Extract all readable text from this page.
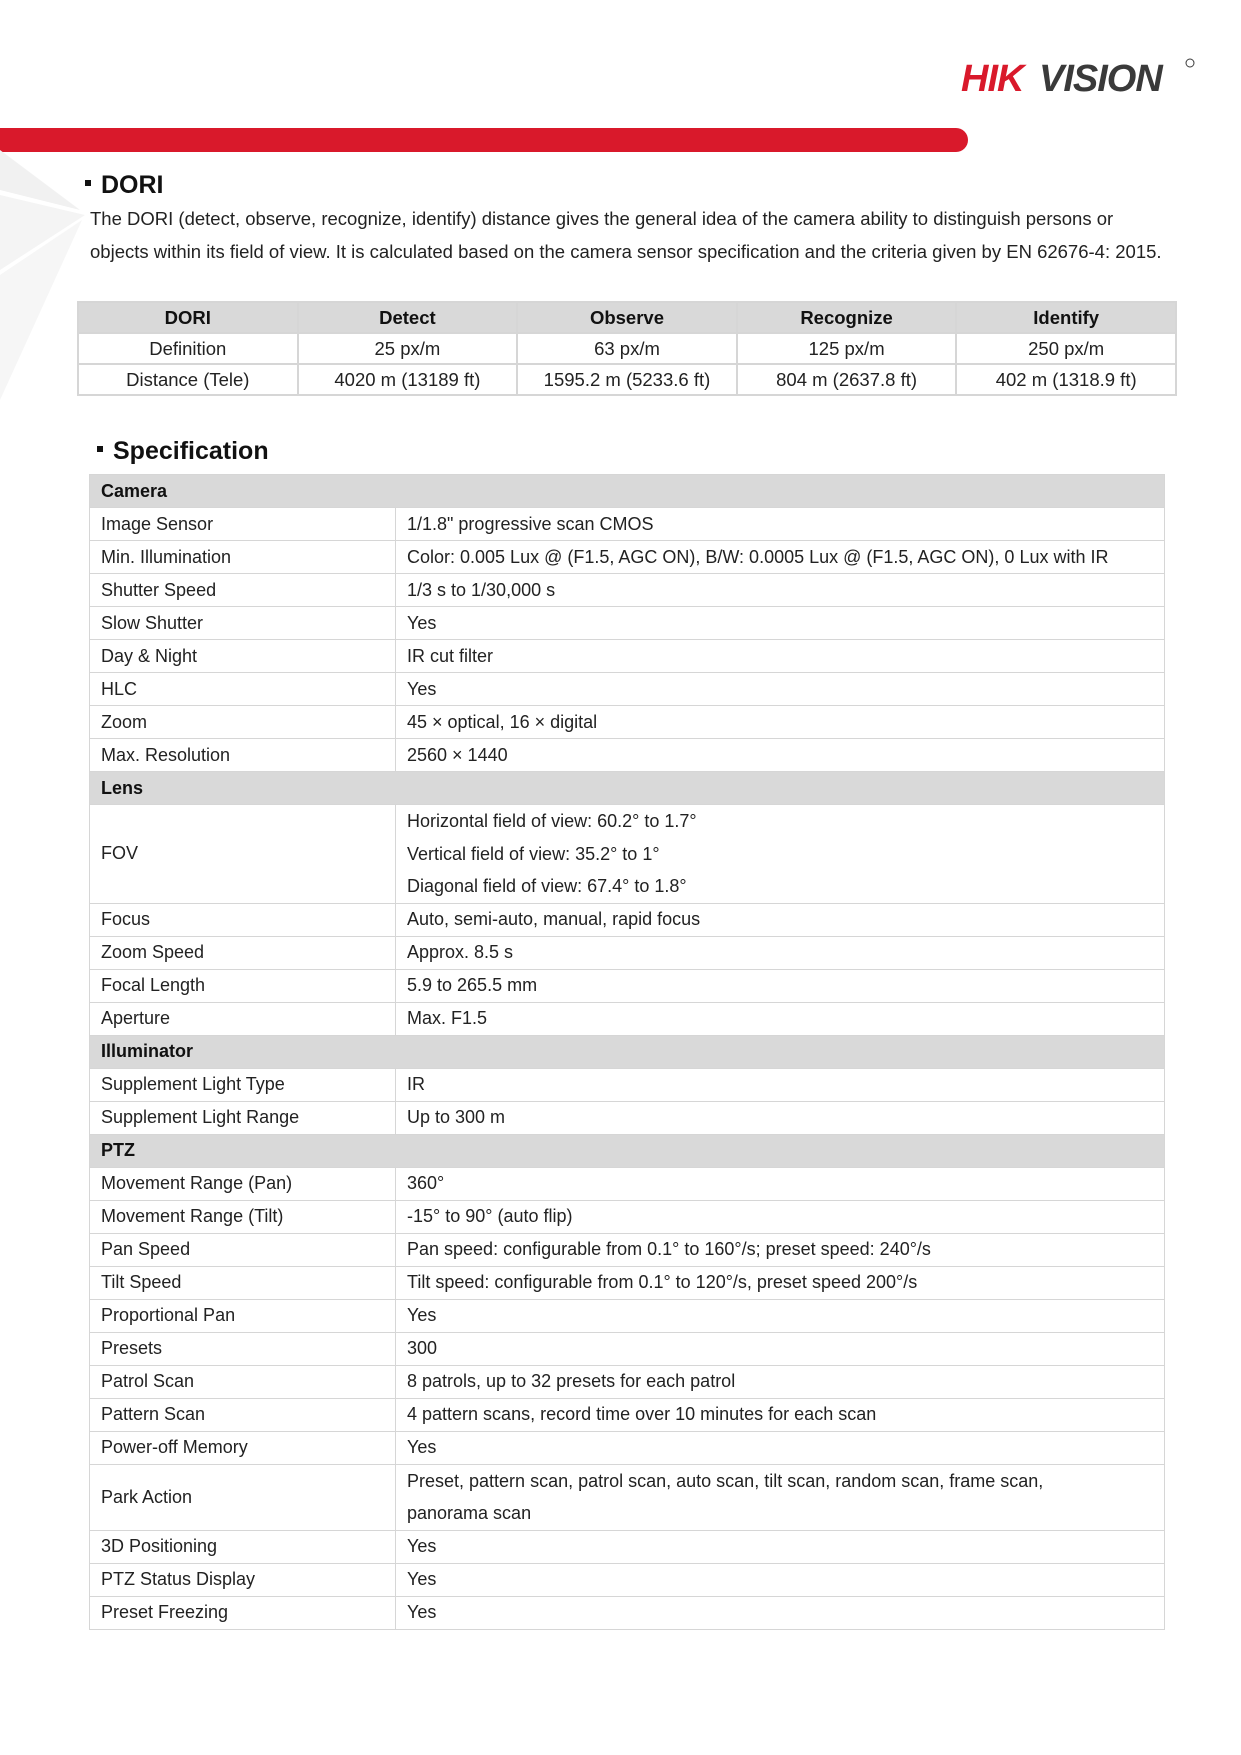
HIK VISION
DORI
The DORI (detect, observe, recognize, identify) distance gives the general idea of the camera ability to distinguish persons or objects within its field of view. It is calculated based on the camera sensor specification and the criteria given by EN 62676-4: 2015.
DORI	Detect	Observe	Recognize	Identify
Definition	25 px/m	63 px/m	125 px/m	250 px/m
Distance (Tele)	4020 m (13189 ft)	1595.2 m (5233.6 ft)	804 m (2637.8 ft)	402 m (1318.9 ft)
Specification
Camera	
Image Sensor	1/1.8" progressive scan CMOS
Min. Illumination	Color: 0.005 Lux @ (F1.5, AGC ON), B/W: 0.0005 Lux @ (F1.5, AGC ON), 0 Lux with IR
Shutter Speed	1/3 s to 1/30,000 s
Slow Shutter	Yes
Day & Night	IR cut filter
HLC	Yes
Zoom	45 × optical, 16 × digital
Max. Resolution	2560 × 1440
Lens	
FOV	Horizontal field of view: 60.2° to 1.7°
Vertical field of view: 35.2° to 1°
Diagonal field of view: 67.4° to 1.8°

Focus	Auto, semi-auto, manual, rapid focus
Zoom Speed	Approx. 8.5 s
Focal Length	5.9 to 265.5 mm
Aperture	Max. F1.5
Illuminator	
Supplement Light Type	IR
Supplement Light Range	Up to 300 m
PTZ	
Movement Range (Pan)	360°
Movement Range (Tilt)	-15° to 90° (auto flip)
Pan Speed	Pan speed: configurable from 0.1° to 160°/s; preset speed: 240°/s
Tilt Speed	Tilt speed: configurable from 0.1° to 120°/s, preset speed 200°/s
Proportional Pan	Yes
Presets	300
Patrol Scan	8 patrols, up to 32 presets for each patrol
Pattern Scan	4 pattern scans, record time over 10 minutes for each scan
Power-off Memory	Yes
Park Action	Preset, pattern scan, patrol scan, auto scan, tilt scan, random scan, frame scan,
panorama scan

3D Positioning	Yes
PTZ Status Display	Yes
Preset Freezing	Yes
